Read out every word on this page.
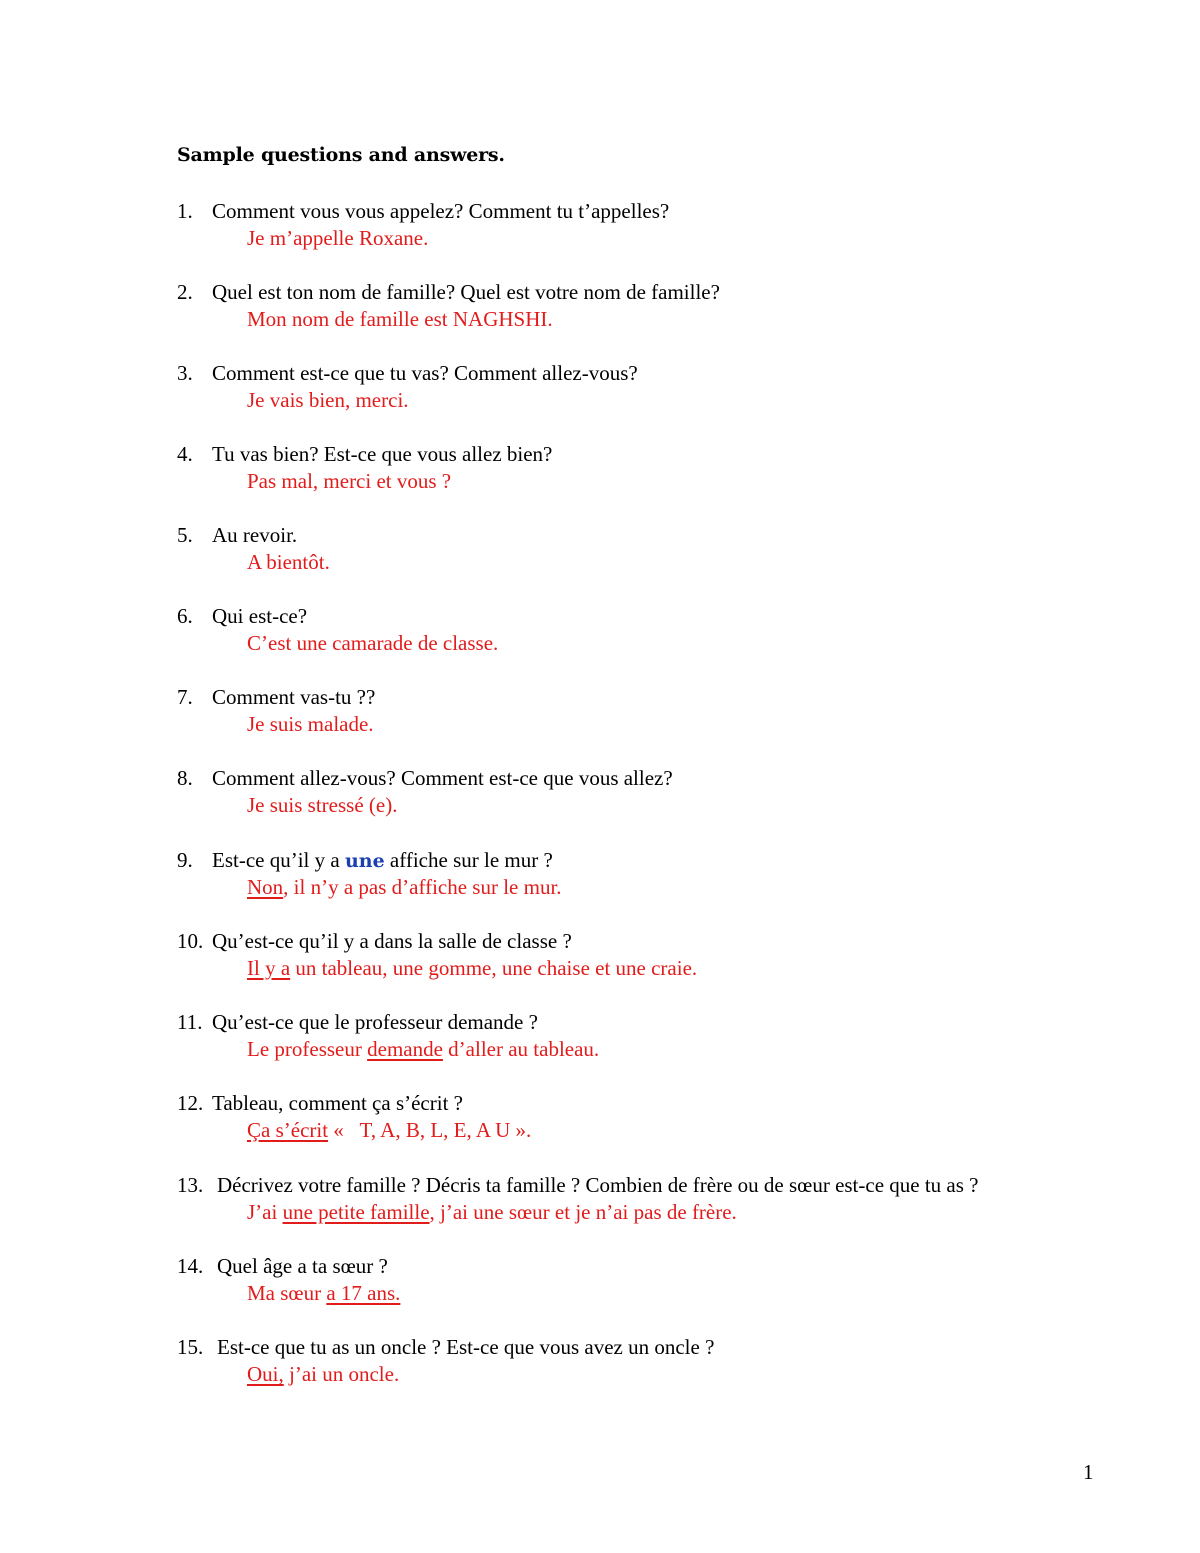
Sample questions and answers.
1. Comment vous vous appelez? Comment tu t’appelles?
Je m’appelle Roxane.
2. Quel est ton nom de famille? Quel est votre nom de famille?
Mon nom de famille est NAGHSHI.
3. Comment est-ce que tu vas? Comment allez-vous?
Je vais bien, merci.
4. Tu vas bien? Est-ce que vous allez bien?
Pas mal, merci et vous ?
5. Au revoir.
A bientôt.
6. Qui est-ce?
C’est une camarade de classe.
7. Comment vas-tu ??
Je suis malade.
8. Comment allez-vous? Comment est-ce que vous allez?
Je suis stressé (e).
9. Est-ce qu’il y a une affiche sur le mur ?
Non, il n’y a pas d’affiche sur le mur.
10. Qu’est-ce qu’il y a dans la salle de classe ?
Il y a un tableau, une gomme, une chaise et une craie.
11. Qu’est-ce que le professeur demande ?
Le professeur demande d’aller au tableau.
12. Tableau, comment ça s’écrit ?
Ça s’écrit «   T, A, B, L, E, A U ».
13. Décrivez votre famille ? Décris ta famille ? Combien de frère ou de sœur est-ce que tu as ?
J’ai une petite famille, j’ai une sœur et je n’ai pas de frère.
14. Quel âge a ta sœur ?
Ma sœur a 17 ans.
15. Est-ce que tu as un oncle ? Est-ce que vous avez un oncle ?
Oui, j’ai un oncle.
1
